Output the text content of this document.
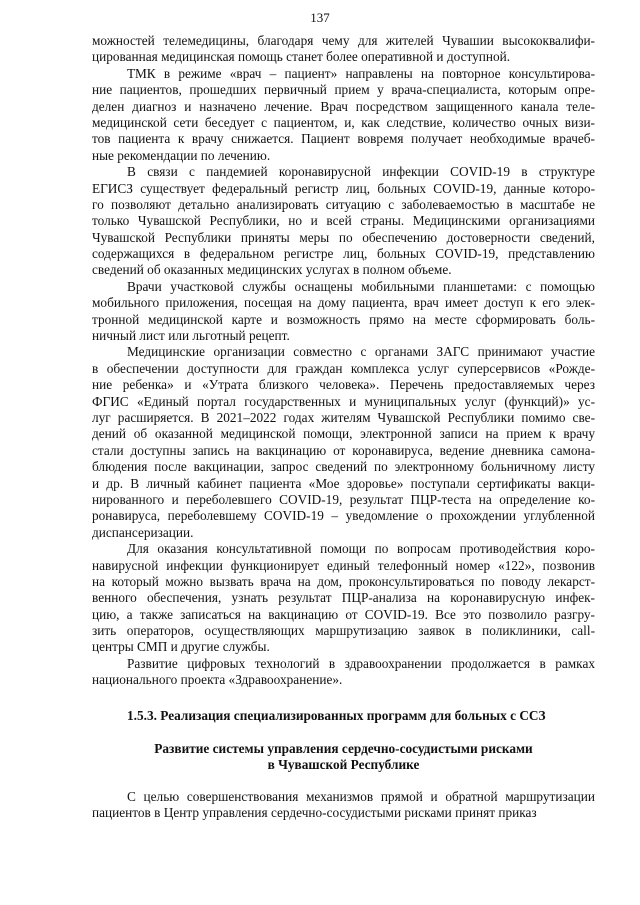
137
можностей телемедицины, благодаря чему для жителей Чувашии высококвалифи-
цированная медицинская помощь станет более оперативной и доступной.
ТМК в режиме «врач – пациент» направлены на повторное консультирова-
ние пациентов, прошедших первичный прием у врача-специалиста, которым опре-
делен диагноз и назначено лечение. Врач посредством защищенного канала теле-
медицинской сети беседует с пациентом, и, как следствие, количество очных визи-
тов пациента к врачу снижается. Пациент вовремя получает необходимые врачеб-
ные рекомендации по лечению.
В связи с пандемией коронавирусной инфекции COVID-19 в структуре
ЕГИСЗ существует федеральный регистр лиц, больных COVID-19, данные которо-
го позволяют детально анализировать ситуацию с заболеваемостью в масштабе не
только Чувашской Республики, но и всей страны. Медицинскими организациями
Чувашской Республики приняты меры по обеспечению достоверности сведений,
содержащихся в федеральном регистре лиц, больных COVID-19, представлению
сведений об оказанных медицинских услугах в полном объеме.
Врачи участковой службы оснащены мобильными планшетами: с помощью
мобильного приложения, посещая на дому пациента, врач имеет доступ к его элек-
тронной медицинской карте и возможность прямо на месте сформировать боль-
ничный лист или льготный рецепт.
Медицинские организации совместно с органами ЗАГС принимают участие
в обеспечении доступности для граждан комплекса услуг суперсервисов «Рожде-
ние ребенка» и «Утрата близкого человека». Перечень предоставляемых через
ФГИС «Единый портал государственных и муниципальных услуг (функций)» ус-
луг расширяется. В 2021–2022 годах жителям Чувашской Республики помимо све-
дений об оказанной медицинской помощи, электронной записи на прием к врачу
стали доступны запись на вакцинацию от коронавируса, ведение дневника самона-
блюдения после вакцинации, запрос сведений по электронному больничному листу
и др. В личный кабинет пациента «Мое здоровье» поступали сертификаты вакци-
нированного и переболевшего COVID-19, результат ПЦР-теста на определение ко-
ронавируса, переболевшему COVID-19 – уведомление о прохождении углубленной
диспансеризации.
Для оказания консультативной помощи по вопросам противодействия коро-
навирусной инфекции функционирует единый телефонный номер «122», позвонив
на который можно вызвать врача на дом, проконсультироваться по поводу лекарст-
венного обеспечения, узнать результат ПЦР-анализа на коронавирусную инфек-
цию, а также записаться на вакцинацию от COVID-19. Все это позволило разгру-
зить операторов, осуществляющих маршрутизацию заявок в поликлиники, call-
центры СМП и другие службы.
Развитие цифровых технологий в здравоохранении продолжается в рамках
национального проекта «Здравоохранение».
1.5.3. Реализация специализированных программ для больных с ССЗ
Развитие системы управления сердечно-сосудистыми рисками
в Чувашской Республике
С целью совершенствования механизмов прямой и обратной маршрутизации
пациентов в Центр управления сердечно-сосудистыми рисками принят приказ
